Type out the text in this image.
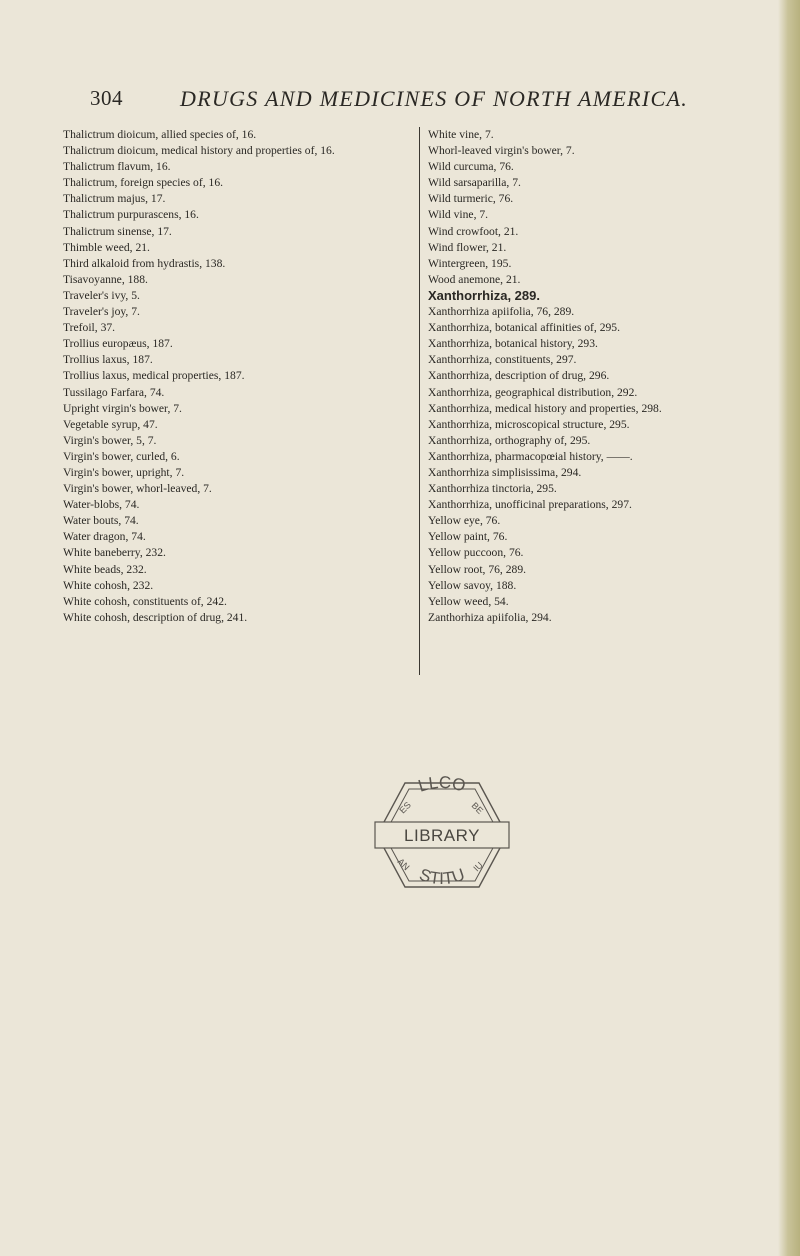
304	DRUGS AND MEDICINES OF NORTH AMERICA.
Thalictrum dioicum, allied species of, 16.
Thalictrum dioicum, medical history and properties of, 16.
Thalictrum flavum, 16.
Thalictrum, foreign species of, 16.
Thalictrum majus, 17.
Thalictrum purpurascens, 16.
Thalictrum sinense, 17.
Thimble weed, 21.
Third alkaloid from hydrastis, 138.
Tisavoyanne, 188.
Traveler's ivy, 5.
Traveler's joy, 7.
Trefoil, 37.
Trollius europæus, 187.
Trollius laxus, 187.
Trollius laxus, medical properties, 187.
Tussilago Farfara, 74.
Upright virgin's bower, 7.
Vegetable syrup, 47.
Virgin's bower, 5, 7.
Virgin's bower, curled, 6.
Virgin's bower, upright, 7.
Virgin's bower, whorl-leaved, 7.
Water-blobs, 74.
Water bouts, 74.
Water dragon, 74.
White baneberry, 232.
White beads, 232.
White cohosh, 232.
White cohosh, constituents of, 242.
White cohosh, description of drug, 241.
White vine, 7.
Whorl-leaved virgin's bower, 7.
Wild curcuma, 76.
Wild sarsaparilla, 7.
Wild turmeric, 76.
Wild vine, 7.
Wind crowfoot, 21.
Wind flower, 21.
Wintergreen, 195.
Wood anemone, 21.
Xanthorrhiza, 289.
Xanthorrhiza apiifolia, 76, 289.
Xanthorrhiza, botanical affinities of, 295.
Xanthorrhiza, botanical history, 293.
Xanthorrhiza, constituents, 297.
Xanthorrhiza, description of drug, 296.
Xanthorrhiza, geographical distribution, 292.
Xanthorrhiza, medical history and properties, 298.
Xanthorrhiza, microscopical structure, 295.
Xanthorrhiza, orthography of, 295.
Xanthorrhiza, pharmacopœial history, ——.
Xanthorrhiza simplisissima, 294.
Xanthorrhiza tinctoria, 295.
Xanthorrhiza, unofficinal preparations, 297.
Yellow eye, 76.
Yellow paint, 76.
Yellow puccoon, 76.
Yellow root, 76, 289.
Yellow savoy, 188.
Yellow weed, 54.
Zanthorhiza apiifolia, 294.
LLCO
LIBRARY
STITU
ES	BE
AN	IU
